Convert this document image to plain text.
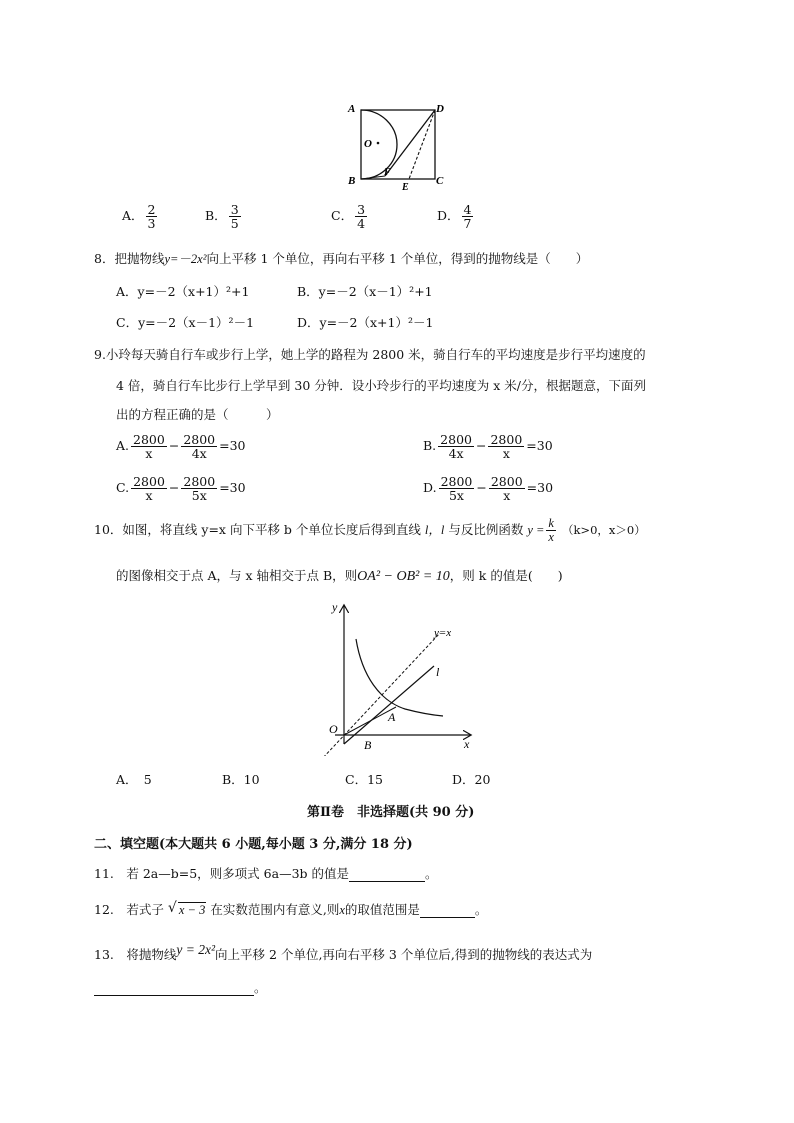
A	D
O
B
F
E
C
A． $\frac{2}{3}$	B． $\frac{3}{5}$	C． $\frac{3}{4}$	D． $\frac{4}{7}$
8．把抛物线y=－2x²向上平移 1 个单位，再向右平移 1 个单位，得到的抛物线是（　　）
A．y=－2（x+1）²+1	B．y=－2（x－1）²+1
C．y=－2（x－1）²－1	D．y=－2（x+1）²－1
9.小玲每天骑自行车或步行上学，她上学的路程为 2800 米，骑自行车的平均速度是步行平均速度的
4 倍，骑自行车比步行上学早到 30 分钟．设小玲步行的平均速度为 x 米/分，根据题意，下面列
出的方程正确的是（　　　）
A. $\frac{2800}{x} - \frac{2800}{4x} =30$	B. $\frac{2800}{4x} - \frac{2800}{x} =30$
C. $\frac{2800}{x} - \frac{2800}{5x} =30$	D. $\frac{2800}{5x} - \frac{2800}{x} =30$
10．如图，将直线 y=x 向下平移 b 个单位长度后得到直线 l，l 与反比例函数 $y = \frac{k}{x} (k>0$，x＞0）
的图像相交于点 A，与 x 轴相交于点 B，则OA² − OB² = 10，则 k 的值是(　　)
y
y=x
l
O
A
B	x
A．　5	B．10	C．15	D．20
第Ⅱ卷　非选择题(共 90 分)
二、填空题(本大题共 6 小题,每小题 3 分,满分 18 分)
11.　若 2a—b=5，则多项式 6a—3b 的值是	。
12.　若式子 √ x − 3 在实数范围内有意义,则x的取值范围是	。
13.　将抛物线y = 2x²向上平移 2 个单位,再向右平移 3 个单位后,得到的抛物线的表达式为
。
